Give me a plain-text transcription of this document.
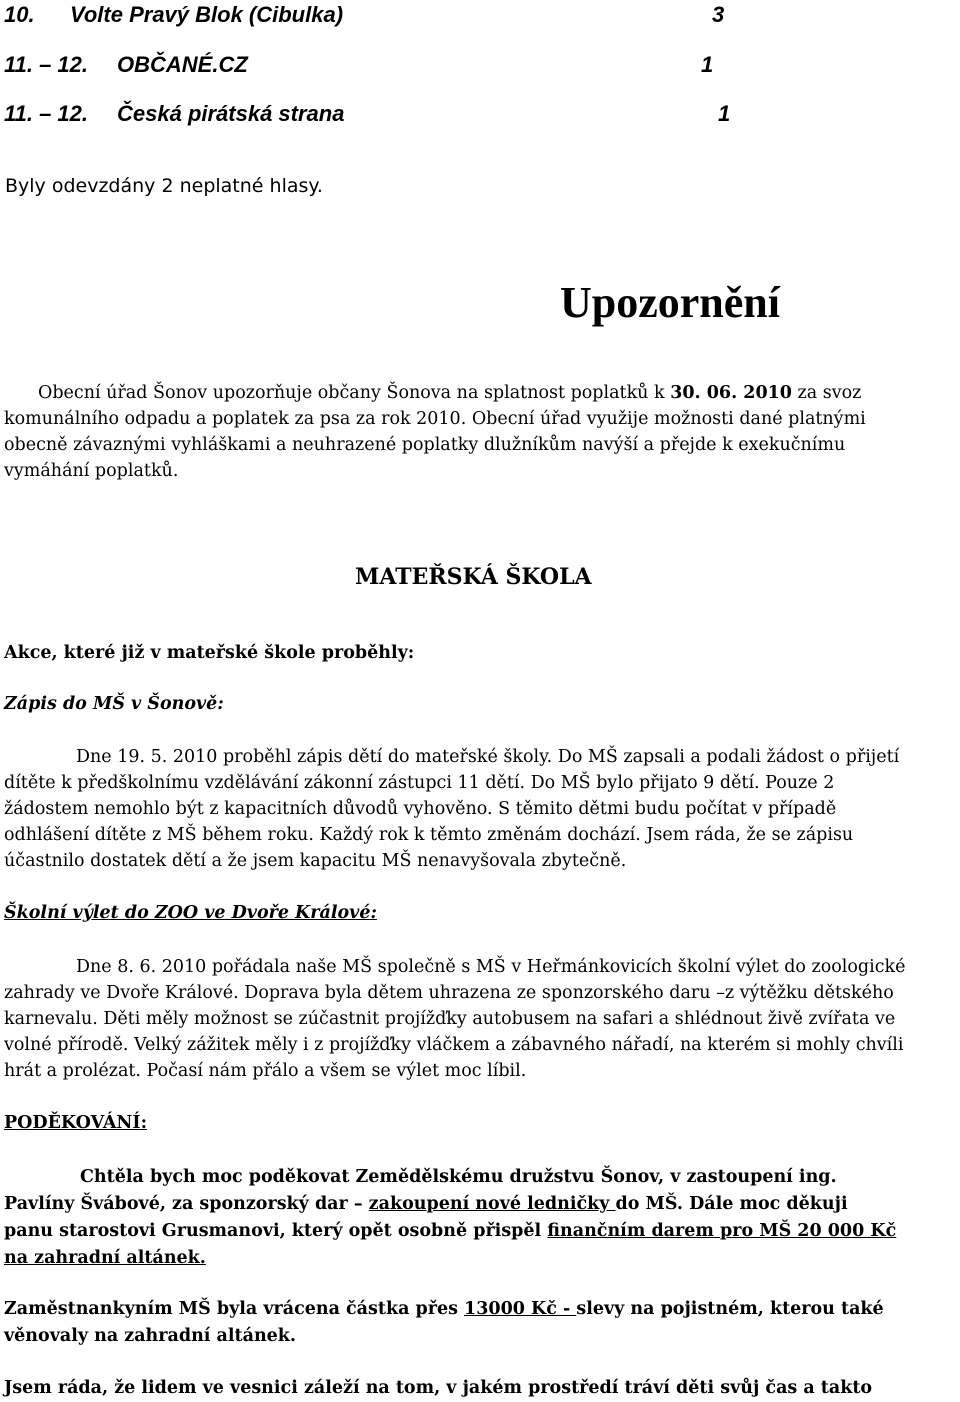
10. Volte Pravý Blok (Cibulka)	3
11. – 12. OBČANÉ.CZ	1
11. – 12. Česká pirátská strana	1

Byly odevzdány 2 neplatné hlasy.

Upozornění
Obecní úřad Šonov upozorňuje občany Šonova na splatnost poplatků k 30. 06. 2010 za svoz
komunálního odpadu a poplatek za psa za rok 2010. Obecní úřad využije možnosti dané platnými
obecně závaznými vyhláškami a neuhrazené poplatky dlužníkům navýší a přejde k exekučnímu
vymáhání poplatků.
MATEŘSKÁ ŠKOLA
Akce, které již v mateřské škole proběhly:
Zápis do MŠ v Šonově:
Dne 19. 5. 2010 proběhl zápis dětí do mateřské školy. Do MŠ zapsali a podali žádost o přijetí
dítěte k předškolnímu vzdělávání zákonní zástupci 11 dětí. Do MŠ bylo přijato 9 dětí. Pouze 2
žádostem nemohlo být z kapacitních důvodů vyhověno. S těmito dětmi budu počítat v případě
odhlášení dítěte z MŠ během roku. Každý rok k těmto změnám dochází. Jsem ráda, že se zápisu
účastnilo dostatek dětí a že jsem kapacitu MŠ nenavyšovala zbytečně.
Školní výlet do ZOO ve Dvoře Králové:
Dne 8. 6. 2010 pořádala naše MŠ společně s MŠ v Heřmánkovicích školní výlet do zoologické
zahrady ve Dvoře Králové. Doprava byla dětem uhrazena ze sponzorského daru –z výtěžku dětského
karnevalu. Děti měly možnost se zúčastnit projížďky autobusem na safari a shlédnout živě zvířata ve
volné přírodě. Velký zážitek měly i z projížďky vláčkem a zábavného nářadí, na kterém si mohly chvíli
hrát a prolézat. Počasí nám přálo a všem se výlet moc líbil.
PODĚKOVÁNÍ:
Chtěla bych moc poděkovat Zemědělskému družstvu Šonov, v zastoupení ing.
Pavlíny Švábové, za sponzorský dar – zakoupení nové ledničky do MŠ. Dále moc děkuji
panu starostovi Grusmanovi, který opět osobně přispěl finančním darem pro MŠ 20 000 Kč
na zahradní altánek.
Zaměstnankyním MŠ byla vrácena částka přes 13000 Kč - slevy na pojistném, kterou také
věnovaly na zahradní altánek.
Jsem ráda, že lidem ve vesnici záleží na tom, v jakém prostředí tráví děti svůj čas a takto
